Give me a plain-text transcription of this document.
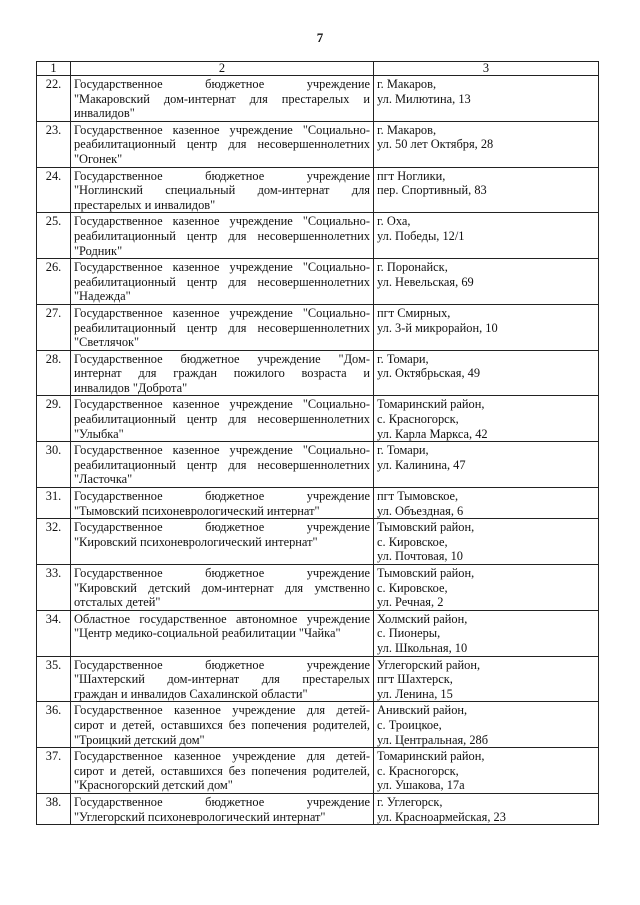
7
1	2	3
22.	Государственное бюджетное учреждение
"Макаровский дом-интернат для престарелых и
инвалидов"	г. Макаров,
ул. Милютина, 13

23.	Государственное казенное учреждение "Социально-
реабилитационный центр для несовершеннолетних
"Огонек"	г. Макаров,
ул. 50 лет Октября, 28

24.	Государственное бюджетное учреждение
"Ноглинский специальный дом-интернат для
престарелых и инвалидов"	пгт Ноглики,
пер. Спортивный, 83

25.	Государственное казенное учреждение "Социально-
реабилитационный центр для несовершеннолетних
"Родник"	г. Оха,
ул. Победы, 12/1

26.	Государственное казенное учреждение "Социально-
реабилитационный центр для несовершеннолетних
"Надежда"	г. Поронайск,
ул. Невельская, 69

27.	Государственное казенное учреждение "Социально-
реабилитационный центр для несовершеннолетних
"Светлячок"	пгт Смирных,
ул. 3-й микрорайон, 10

28.	Государственное бюджетное учреждение "Дом-
интернат для граждан пожилого возраста и
инвалидов "Доброта"	г. Томари,
ул. Октябрьская, 49

29.	Государственное казенное учреждение "Социально-
реабилитационный центр для несовершеннолетних
"Улыбка"	Томаринский район,
с. Красногорск,
ул. Карла Маркса, 42

30.	Государственное казенное учреждение "Социально-
реабилитационный центр для несовершеннолетних
"Ласточка"	г. Томари,
ул. Калинина, 47

31.	Государственное бюджетное учреждение
"Тымовский психоневрологический интернат"	пгт Тымовское,
ул. Объездная, 6

32.	Государственное бюджетное учреждение
"Кировский психоневрологический интернат"	Тымовский район,
с. Кировское,
ул. Почтовая, 10

33.	Государственное бюджетное учреждение
"Кировский детский дом-интернат для умственно
отсталых детей"	Тымовский район,
с. Кировское,
ул. Речная, 2

34.	Областное государственное автономное учреждение
"Центр медико-социальной реабилитации "Чайка"	Холмский район,
с. Пионеры,
ул. Школьная, 10

35.	Государственное бюджетное учреждение
"Шахтерский дом-интернат для престарелых
граждан и инвалидов Сахалинской области"	Углегорский район,
пгт Шахтерск,
ул. Ленина, 15

36.	Государственное казенное учреждение для детей-
сирот и детей, оставшихся без попечения родителей,
"Троицкий детский дом"	Анивский район,
с. Троицкое,
ул. Центральная, 28б

37.	Государственное казенное учреждение для детей-
сирот и детей, оставшихся без попечения родителей,
"Красногорский детский дом"	Томаринский район,
с. Красногорск,
ул. Ушакова, 17а

38.	Государственное бюджетное учреждение
"Углегорский психоневрологический интернат"	г. Углегорск,
ул. Красноармейская, 23
